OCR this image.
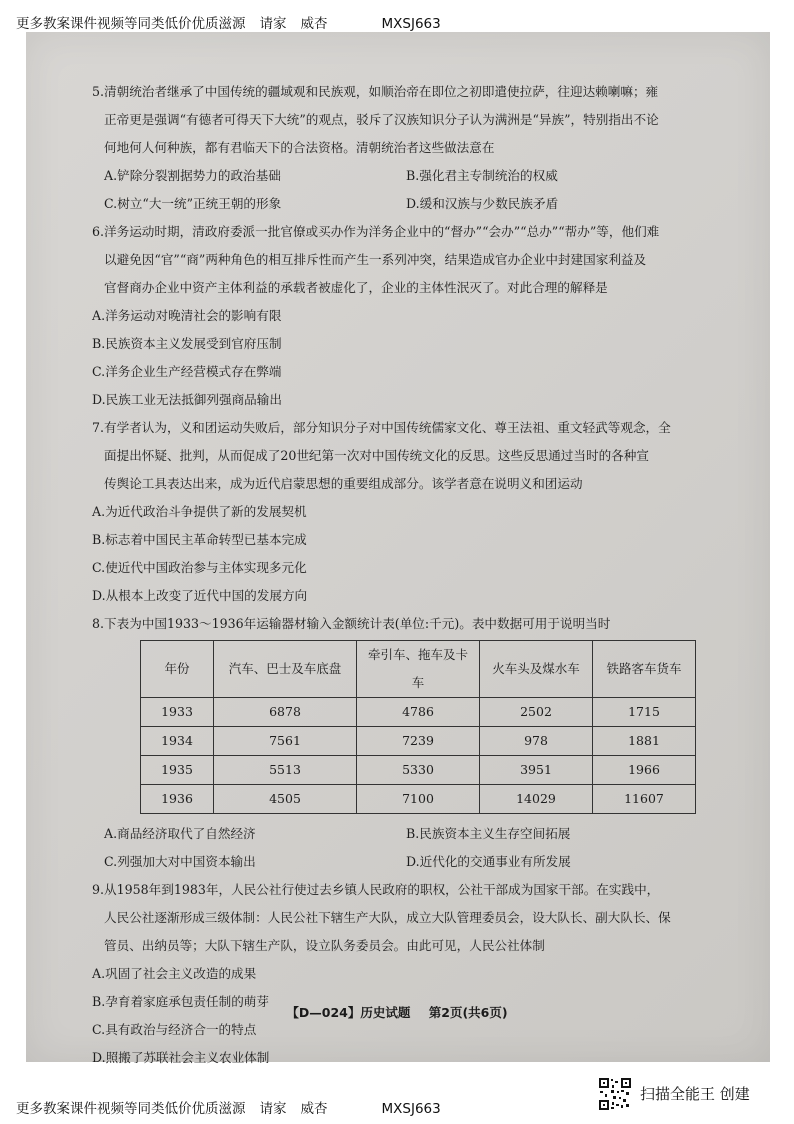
更多教案课件视频等同类低价优质滋源 请家 威杏	MXSJ663

5.清朝统治者继承了中国传统的疆域观和民族观，如顺治帝在即位之初即遣使拉萨，往迎达赖喇嘛；雍

正帝更是强调“有德者可得天下大统”的观点，驳斥了汉族知识分子认为满洲是“异族”，特别指出不论

何地何人何种族，都有君临天下的合法资格。清朝统治者这些做法意在

A.铲除分裂割据势力的政治基础	B.强化君主专制统治的权威
C.树立“大一统”正统王朝的形象	D.缓和汉族与少数民族矛盾

6.洋务运动时期，清政府委派一批官僚或买办作为洋务企业中的“督办”“会办”“总办”“帮办”等，他们难

以避免因“官”“商”两种角色的相互排斥性而产生一系列冲突，结果造成官办企业中封建国家利益及

官督商办企业中资产主体利益的承载者被虚化了，企业的主体性泯灭了。对此合理的解释是

A.洋务运动对晚清社会的影响有限

B.民族资本主义发展受到官府压制

C.洋务企业生产经营模式存在弊端

D.民族工业无法抵御列强商品输出

7.有学者认为，义和团运动失败后，部分知识分子对中国传统儒家文化、尊王法祖、重文轻武等观念，全

面提出怀疑、批判，从而促成了20世纪第一次对中国传统文化的反思。这些反思通过当时的各种宣

传舆论工具表达出来，成为近代启蒙思想的重要组成部分。该学者意在说明义和团运动

A.为近代政治斗争提供了新的发展契机

B.标志着中国民主革命转型已基本完成

C.使近代中国政治参与主体实现多元化

D.从根本上改变了近代中国的发展方向

8.下表为中国1933～1936年运输器材输入金额统计表(单位:千元)。表中数据可用于说明当时

年份	汽车、巴士及车底盘	牵引车、拖车及卡车	火车头及煤水车	铁路客车货车
1933	6878	4786	2502	1715
1934	7561	7239	978	1881
1935	5513	5330	3951	1966
1936	4505	7100	14029	11607
A.商品经济取代了自然经济	B.民族资本主义生存空间拓展
C.列强加大对中国资本输出	D.近代化的交通事业有所发展

9.从1958年到1983年，人民公社行使过去乡镇人民政府的职权，公社干部成为国家干部。在实践中，

人民公社逐渐形成三级体制：人民公社下辖生产大队，成立大队管理委员会，设大队长、副大队长、保

管员、出纳员等；大队下辖生产队，设立队务委员会。由此可见，人民公社体制

A.巩固了社会主义改造的成果

B.孕育着家庭承包责任制的萌芽

C.具有政治与经济合一的特点

D.照搬了苏联社会主义农业体制

【D—024】历史试题 第2页(共6页)
更多教案课件视频等同类低价优质滋源 请家 威杏	MXSJ663
扫描全能王 创建
